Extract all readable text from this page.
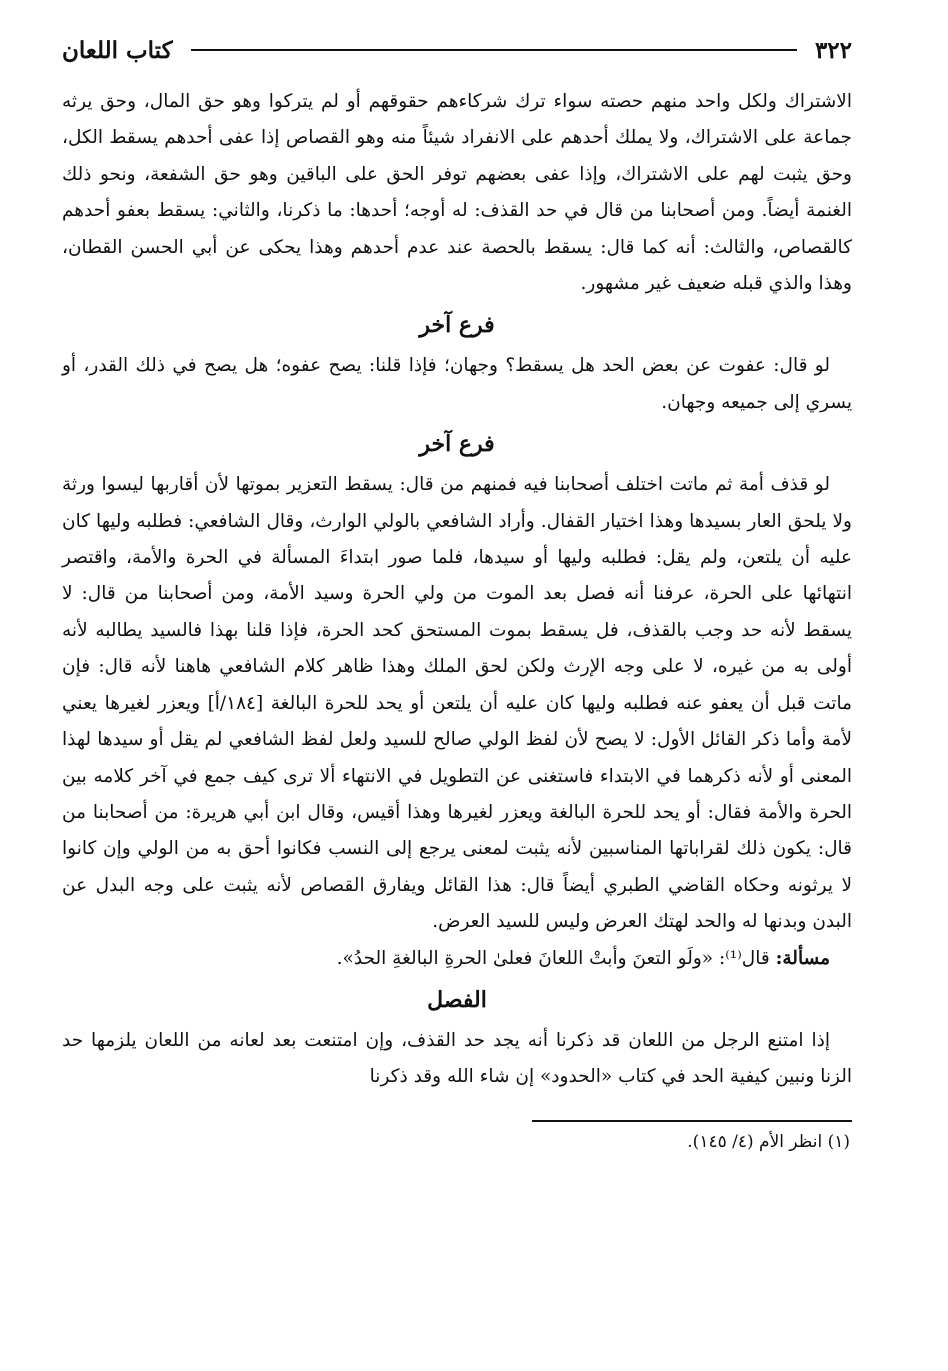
٣٢٢
كتاب اللعان

الاشتراك ولكل واحد منهم حصته سواء ترك شركاءهم حقوقهم أو لم يتركوا وهو حق المال، وحق يرثه جماعة على الاشتراك، ولا يملك أحدهم على الانفراد شيئاً منه وهو القصاص إذا عفى أحدهم يسقط الكل، وحق يثبت لهم على الاشتراك، وإذا عفى بعضهم توفر الحق على الباقين وهو حق الشفعة، ونحو ذلك الغنمة أيضاً. ومن أصحابنا من قال في حد القذف: له أوجه؛ أحدها: ما ذكرنا، والثاني: يسقط بعفو أحدهم كالقصاص، والثالث: أنه كما قال: يسقط بالحصة عند عدم أحدهم وهذا يحكى عن أبي الحسن القطان، وهذا والذي قبله ضعيف غير مشهور.

فرع آخر

لو قال: عفوت عن بعض الحد هل يسقط؟ وجهان؛ فإذا قلنا: يصح عفوه؛ هل يصح في ذلك القدر، أو يسري إلى جميعه وجهان.

فرع آخر

لو قذف أمة ثم ماتت اختلف أصحابنا فيه فمنهم من قال: يسقط التعزير بموتها لأن أقاربها ليسوا ورثة ولا يلحق العار بسيدها وهذا اختيار القفال. وأراد الشافعي بالولي الوارث، وقال الشافعي: فطلبه وليها كان عليه أن يلتعن، ولم يقل: فطلبه وليها أو سيدها، فلما صور ابتداءَ المسألة في الحرة والأمة، واقتصر انتهائها على الحرة، عرفنا أنه فصل بعد الموت من ولي الحرة وسيد الأمة، ومن أصحابنا من قال: لا يسقط لأنه حد وجب بالقذف، فل يسقط بموت المستحق كحد الحرة، فإذا قلنا بهذا فالسيد يطالبه لأنه أولى به من غيره، لا على وجه الإرث ولكن لحق الملك وهذا ظاهر كلام الشافعي هاهنا لأنه قال: فإن ماتت قبل أن يعفو عنه فطلبه وليها كان عليه أن يلتعن أو يحد للحرة البالغة [١٨٤/أ] ويعزر لغيرها يعني لأمة وأما ذكر القائل الأول: لا يصح لأن لفظ الولي صالح للسيد ولعل لفظ الشافعي لم يقل أو سيدها لهذا المعنى أو لأنه ذكرهما في الابتداء فاستغنى عن التطويل في الانتهاء ألا ترى كيف جمع في آخر كلامه بين الحرة والأمة فقال: أو يحد للحرة البالغة ويعزر لغيرها وهذا أقيس، وقال ابن أبي هريرة: من أصحابنا من قال: يكون ذلك لقراباتها المناسبين لأنه يثبت لمعنى يرجع إلى النسب فكانوا أحق به من الولي وإن كانوا لا يرثونه وحكاه القاضي الطبري أيضاً قال: هذا القائل ويفارق القصاص لأنه يثبت على وجه البدل عن البدن وبدنها له والحد لهتك العرض وليس للسيد العرض.

مسألة: قال⁽¹⁾: «ولَو التعنَ وأبتْ اللعانَ فعلىٰ الحرةِ البالغةِ الحدُ».

الفصل

إذا امتنع الرجل من اللعان قد ذكرنا أنه يجد حد القذف، وإن امتنعت بعد لعانه من اللعان يلزمها حد الزنا ونبين كيفية الحد في كتاب «الحدود» إن شاء الله وقد ذكرنا

(١) انظر الأم (٤/ ١٤٥).
